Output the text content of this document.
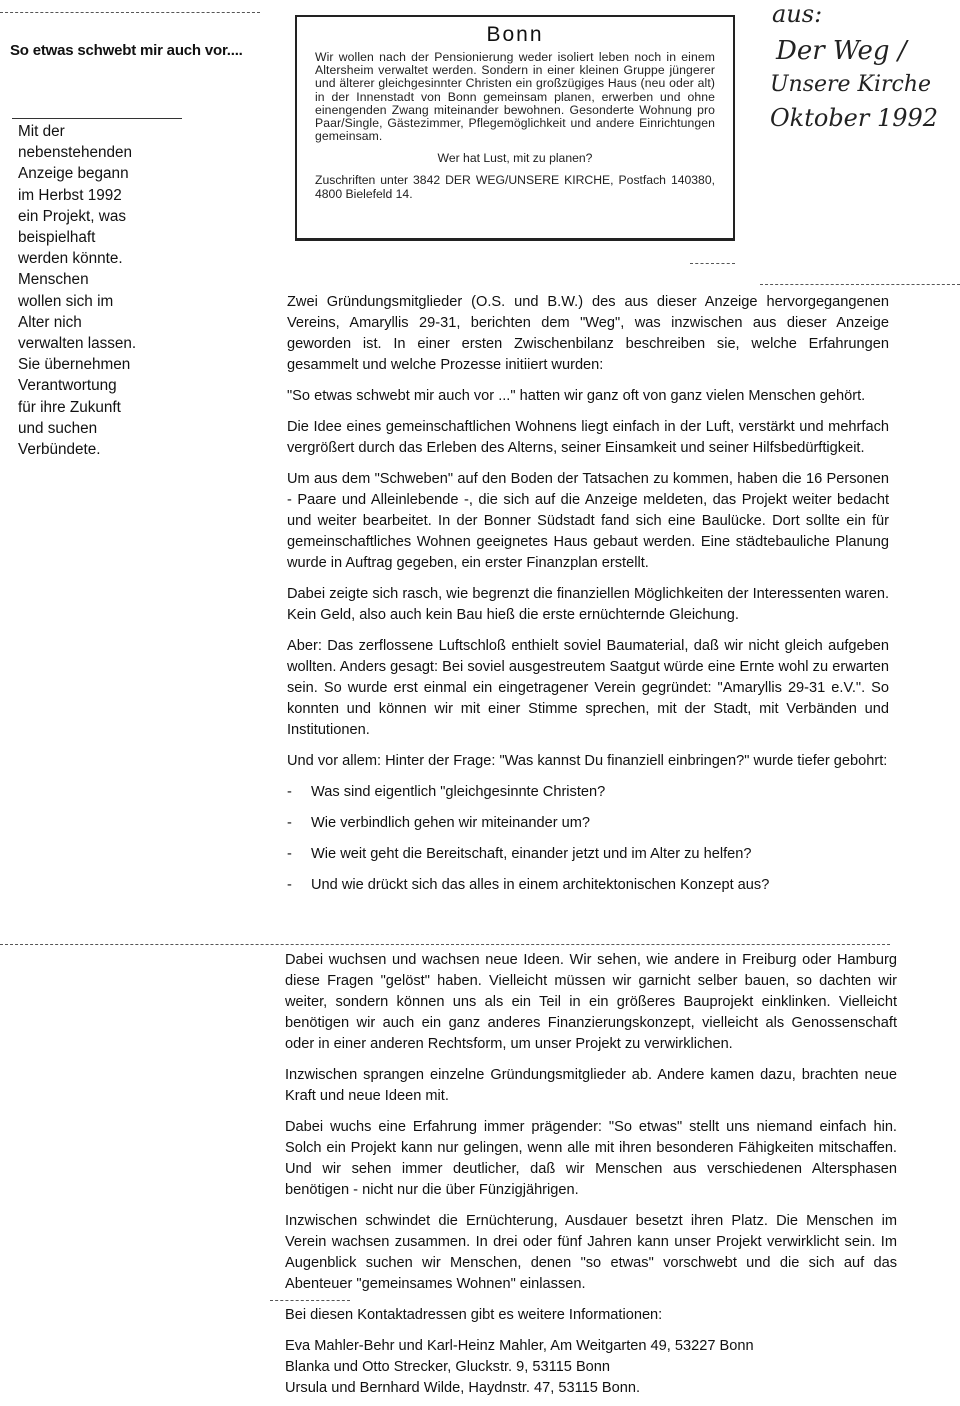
So etwas schwebt mir auch vor....
Mit der
nebenstehenden
Anzeige begann
im Herbst 1992
ein Projekt, was
beispielhaft
werden könnte.
Menschen
wollen sich im
Alter nich
verwalten lassen.
Sie übernehmen
Verantwortung
für ihre Zukunft
und suchen
Verbündete.
Bonn
Wir wollen nach der Pensionierung weder isoliert leben noch in einem Altersheim verwaltet werden. Sondern in einer kleinen Gruppe jüngerer und älterer gleichgesinnter Christen ein großzügiges Haus (neu oder alt) in der Innenstadt von Bonn gemeinsam planen, erwerben und ohne einengenden Zwang miteinander bewohnen. Gesonderte Wohnung pro Paar/Single, Gästezimmer, Pflegemöglichkeit und andere Einrichtungen gemeinsam.
Wer hat Lust, mit zu planen?
Zuschriften unter 3842 DER WEG/UNSERE KIRCHE, Postfach 140380, 4800 Bielefeld 14.
aus:
Der Weg /
Unsere Kirche
Oktober 1992

Zwei Gründungsmitglieder (O.S. und B.W.) des aus dieser Anzeige hervorgegangenen Vereins, Amaryllis 29-31, berichten dem "Weg", was inzwischen aus dieser Anzeige geworden ist. In einer ersten Zwischenbilanz beschreiben sie, welche Erfahrungen gesammelt und welche Prozesse initiiert wurden:

"So etwas schwebt mir auch vor ..." hatten wir ganz oft von ganz vielen Menschen gehört.

Die Idee eines gemeinschaftlichen Wohnens liegt einfach in der Luft, verstärkt und mehrfach vergrößert durch das Erleben des Alterns, seiner Einsamkeit und seiner Hilfsbedürftigkeit.

Um aus dem "Schweben" auf den Boden der Tatsachen zu kommen, haben die 16 Personen - Paare und Alleinlebende -, die sich auf die Anzeige meldeten, das Projekt weiter bedacht und weiter bearbeitet. In der Bonner Südstadt fand sich eine Baulücke. Dort sollte ein für gemeinschaftliches Wohnen geeignetes Haus gebaut werden. Eine städtebauliche Planung wurde in Auftrag gegeben, ein erster Finanzplan erstellt.

Dabei zeigte sich rasch, wie begrenzt die finanziellen Möglichkeiten der Interessenten waren. Kein Geld, also auch kein Bau hieß die erste ernüchternde Gleichung.

Aber: Das zerflossene Luftschloß enthielt soviel Baumaterial, daß wir nicht gleich aufgeben wollten. Anders gesagt: Bei soviel ausgestreutem Saatgut würde eine Ernte wohl zu erwarten sein. So wurde erst einmal ein eingetragener Verein gegründet: "Amaryllis 29-31 e.V.". So konnten und können wir mit einer Stimme sprechen, mit der Stadt, mit Verbänden und Institutionen.

Und vor allem: Hinter der Frage: "Was kannst Du finanziell einbringen?" wurde tiefer gebohrt:

-	Was sind eigentlich "gleichgesinnte Christen?
-	Wie verbindlich gehen wir miteinander um?
-	Wie weit geht die Bereitschaft, einander jetzt und im Alter zu helfen?
-	Und wie drückt sich das alles in einem architektonischen Konzept aus?

Dabei wuchsen und wachsen neue Ideen. Wir sehen, wie andere in Freiburg oder Hamburg diese Fragen "gelöst" haben. Vielleicht müssen wir garnicht selber bauen, so dachten wir weiter, sondern können uns als ein Teil in ein größeres Bauprojekt einklinken. Vielleicht benötigen wir auch ein ganz anderes Finanzierungskonzept, vielleicht als Genossenschaft oder in einer anderen Rechtsform, um unser Projekt zu verwirklichen.

Inzwischen sprangen einzelne Gründungsmitglieder ab. Andere kamen dazu, brachten neue Kraft und neue Ideen mit.

Dabei wuchs eine Erfahrung immer prägender: "So etwas" stellt uns niemand einfach hin. Solch ein Projekt kann nur gelingen, wenn alle mit ihren besonderen Fähigkeiten mitschaffen. Und wir sehen immer deutlicher, daß wir Menschen aus verschiedenen Altersphasen benötigen - nicht nur die über Fünzigjährigen.

Inzwischen schwindet die Ernüchterung, Ausdauer besetzt ihren Platz. Die Menschen im Verein wachsen zusammen. In drei oder fünf Jahren kann unser Projekt verwirklicht sein. Im Augenblick suchen wir Menschen, denen "so etwas" vorschwebt und die sich auf das Abenteuer "gemeinsames Wohnen" einlassen.

Bei diesen Kontaktadressen gibt es weitere Informationen:

Eva Mahler-Behr und Karl-Heinz Mahler, Am Weitgarten 49, 53227 Bonn
Blanka und Otto Strecker, Gluckstr. 9, 53115 Bonn
Ursula und Bernhard Wilde, Haydnstr. 47, 53115 Bonn.
